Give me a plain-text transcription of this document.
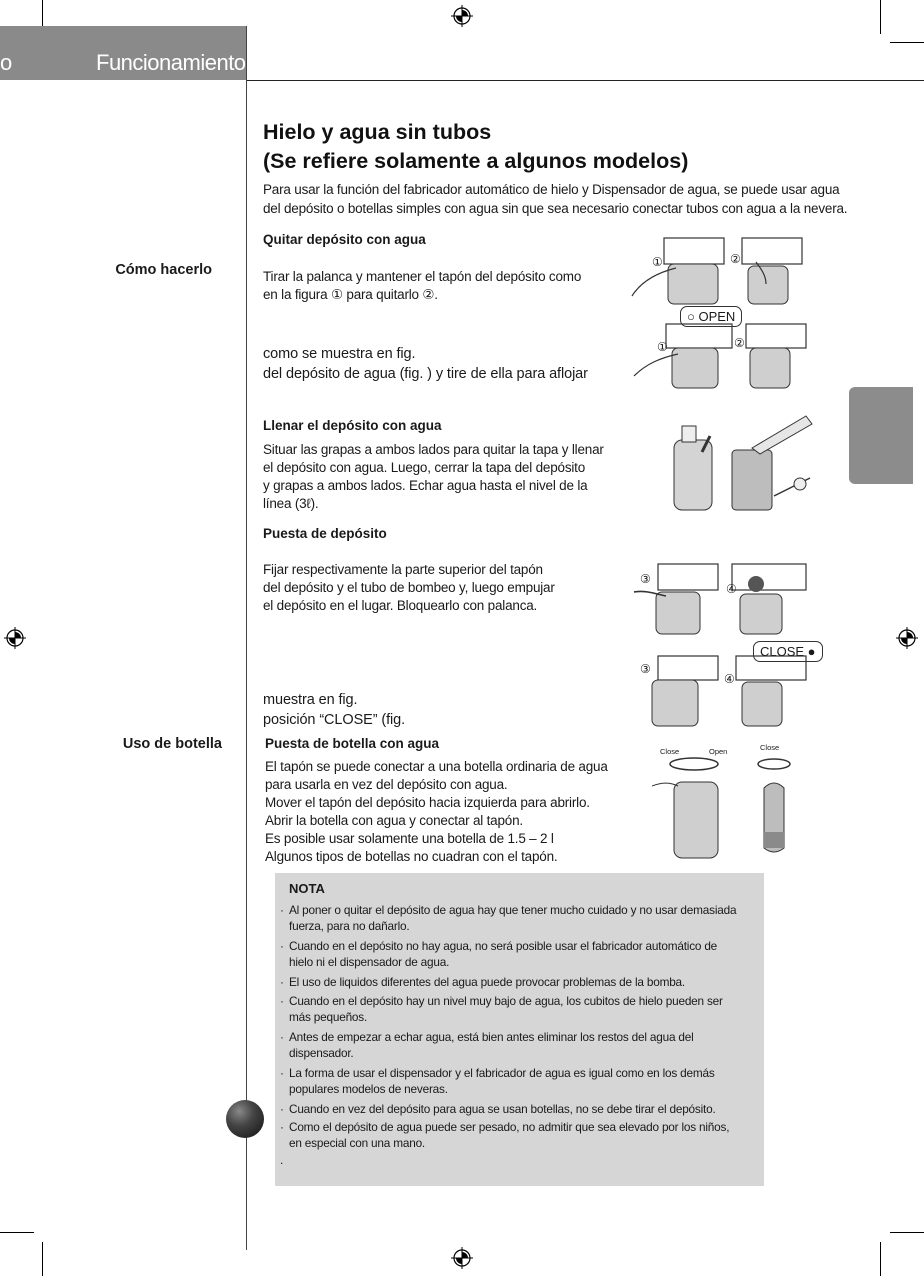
o	Funcionamiento
Hielo y agua sin tubos
(Se refiere solamente a algunos modelos)
Para usar la función del fabricador automático de hielo y Dispensador de agua, se puede usar agua
del depósito o botellas simples con agua sin que sea necesario conectar tubos con agua a la nevera.
Cómo hacerlo
Uso de botella
Quitar depósito con agua
Tirar la palanca y mantener el tapón del depósito como
en la figura ① para quitarlo ②.
como se muestra en fig.
del depósito de agua (fig. ) y tire de ella para aflojar
Llenar el depósito con agua
Situar las grapas a ambos lados para quitar la tapa y llenar
el depósito con agua. Luego, cerrar la tapa del depósito
y grapas a ambos lados. Echar agua hasta el nivel de la
línea (3ℓ).
Puesta de depósito
Fijar respectivamente la parte superior del tapón
del depósito y el tubo de bombeo y, luego empujar
el depósito en el lugar. Bloquearlo con palanca.
muestra en fig.
posición “CLOSE” (fig.
Puesta de botella con agua
El tapón se puede conectar a una botella ordinaria de agua
para usarla en vez del depósito con agua.
Mover el tapón del depósito hacia izquierda para abrirlo.
Abrir la botella con agua y conectar al tapón.
Es posible usar solamente una botella de 1.5 – 2 l
Algunos tipos de botellas no cuadran con el tapón.
①	②
○ OPEN
①	②
③
④
CLOSE ●
③
④
Close	Open	Close
NOTA
· Al poner o quitar el depósito de agua hay que tener mucho cuidado y no usar demasiada fuerza, para no dañarlo.
· Cuando en el depósito no hay agua, no será posible usar el fabricador automático de hielo ni el dispensador de agua.
· El uso de liquidos diferentes del agua puede provocar problemas de la bomba.
· Cuando en el depósito hay un nivel muy bajo de agua, los cubitos de hielo pueden ser más pequeños.
· Antes de empezar a echar agua, está bien antes eliminar los restos del agua del dispensador.
· La forma de usar el dispensador y el fabricador de agua es igual como en los demás populares modelos de neveras.
· Cuando en vez del depósito para agua se usan botellas, no se debe tirar el depósito.
· Como el depósito de agua puede ser pesado, no admitir que sea elevado por los niños, en especial con una mano.
.
